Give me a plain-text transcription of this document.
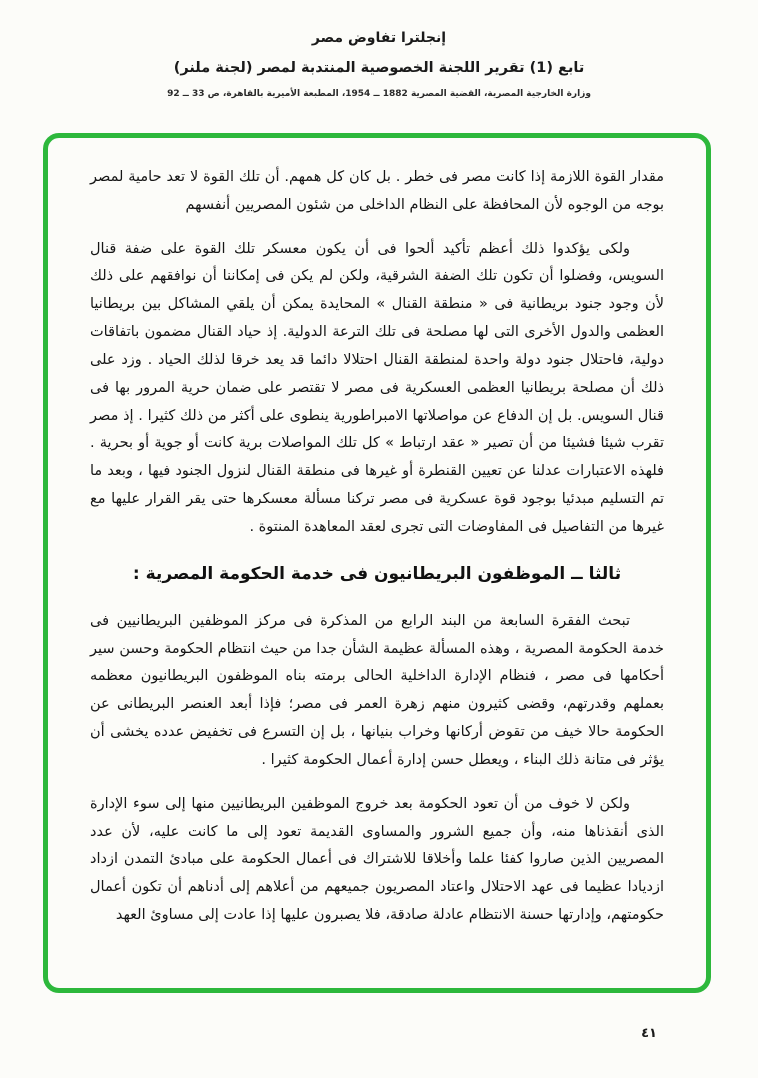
إنجلترا تفاوض مصر
تابع (1) تقرير اللجنة الخصوصية المنتدبة لمصر (لجنة ملنر)
وزارة الخارجية المصرية، القضية المصرية 1882 ــ 1954، المطبعة الأميرية بالقاهرة، ص 33 ــ 92

مقدار القوة اللازمة إذا كانت مصر فى خطر . بل كان كل همهم. أن تلك القوة لا تعد حامية لمصر بوجه من الوجوه لأن المحافظة على النظام الداخلى من شئون المصريين أنفسهم

ولكى يؤكدوا ذلك أعظم تأكيد ألحوا فى أن يكون معسكر تلك القوة على ضفة قنال السويس، وفضلوا أن تكون تلك الضفة الشرقية، ولكن لم يكن فى إمكاننا أن نوافقهم على ذلك لأن وجود جنود بريطانية فى « منطقة القنال » المحايدة يمكن أن يلقي المشاكل بين بريطانيا العظمى والدول الأخرى التى لها مصلحة فى تلك الترعة الدولية. إذ حياد القنال مضمون باتفاقات دولية، فاحتلال جنود دولة واحدة لمنطقة القنال احتلالا دائما قد يعد خرقا لذلك الحياد . وزد على ذلك أن مصلحة بريطانيا العظمى العسكرية فى مصر لا تقتصر على ضمان حرية المرور بها فى قنال السويس. بل إن الدفاع عن مواصلاتها الامبراطورية ينطوى على أكثر من ذلك كثيرا . إذ مصر تقرب شيئا فشيئا من أن تصير « عقد ارتباط » كل تلك المواصلات برية كانت أو جوية أو بحرية . فلهذه الاعتبارات عدلنا عن تعيين القنطرة أو غيرها فى منطقة القنال لنزول الجنود فيها ، وبعد ما تم التسليم مبدئيا بوجود قوة عسكرية فى مصر تركنا مسألة معسكرها حتى يقر القرار عليها مع غيرها من التفاصيل فى المفاوضات التى تجرى لعقد المعاهدة المنتوة .

ثالثا ــ الموظفون البريطانيون فى خدمة الحكومة المصرية :

تبحث الفقرة السابعة من البند الرابع من المذكرة فى مركز الموظفين البريطانيين فى خدمة الحكومة المصرية ، وهذه المسألة عظيمة الشأن جدا من حيث انتظام الحكومة وحسن سير أحكامها فى مصر ، فنظام الإدارة الداخلية الحالى برمته بناه الموظفون البريطانيون معظمه بعملهم وقدرتهم، وقضى كثيرون منهم زهرة العمر فى مصر؛ فإذا أبعد العنصر البريطانى عن الحكومة حالا خيف من تقوض أركانها وخراب بنيانها ، بل إن التسرع فى تخفيض عدده يخشى أن يؤثر فى متانة ذلك البناء ، ويعطل حسن إدارة أعمال الحكومة كثيرا .

ولكن لا خوف من أن تعود الحكومة بعد خروج الموظفين البريطانيين منها إلى سوء الإدارة الذى أنقذناها منه، وأن جميع الشرور والمساوى القديمة تعود إلى ما كانت عليه، لأن عدد المصريين الذين صاروا كفئا علما وأخلاقا للاشتراك فى أعمال الحكومة على مبادئ التمدن ازداد ازديادا عظيما فى عهد الاحتلال واعتاد المصريون جميعهم من أعلاهم إلى أدناهم أن تكون أعمال حكومتهم، وإدارتها حسنة الانتظام عادلة صادقة، فلا يصبرون عليها إذا عادت إلى مساوئ العهد

٤١
